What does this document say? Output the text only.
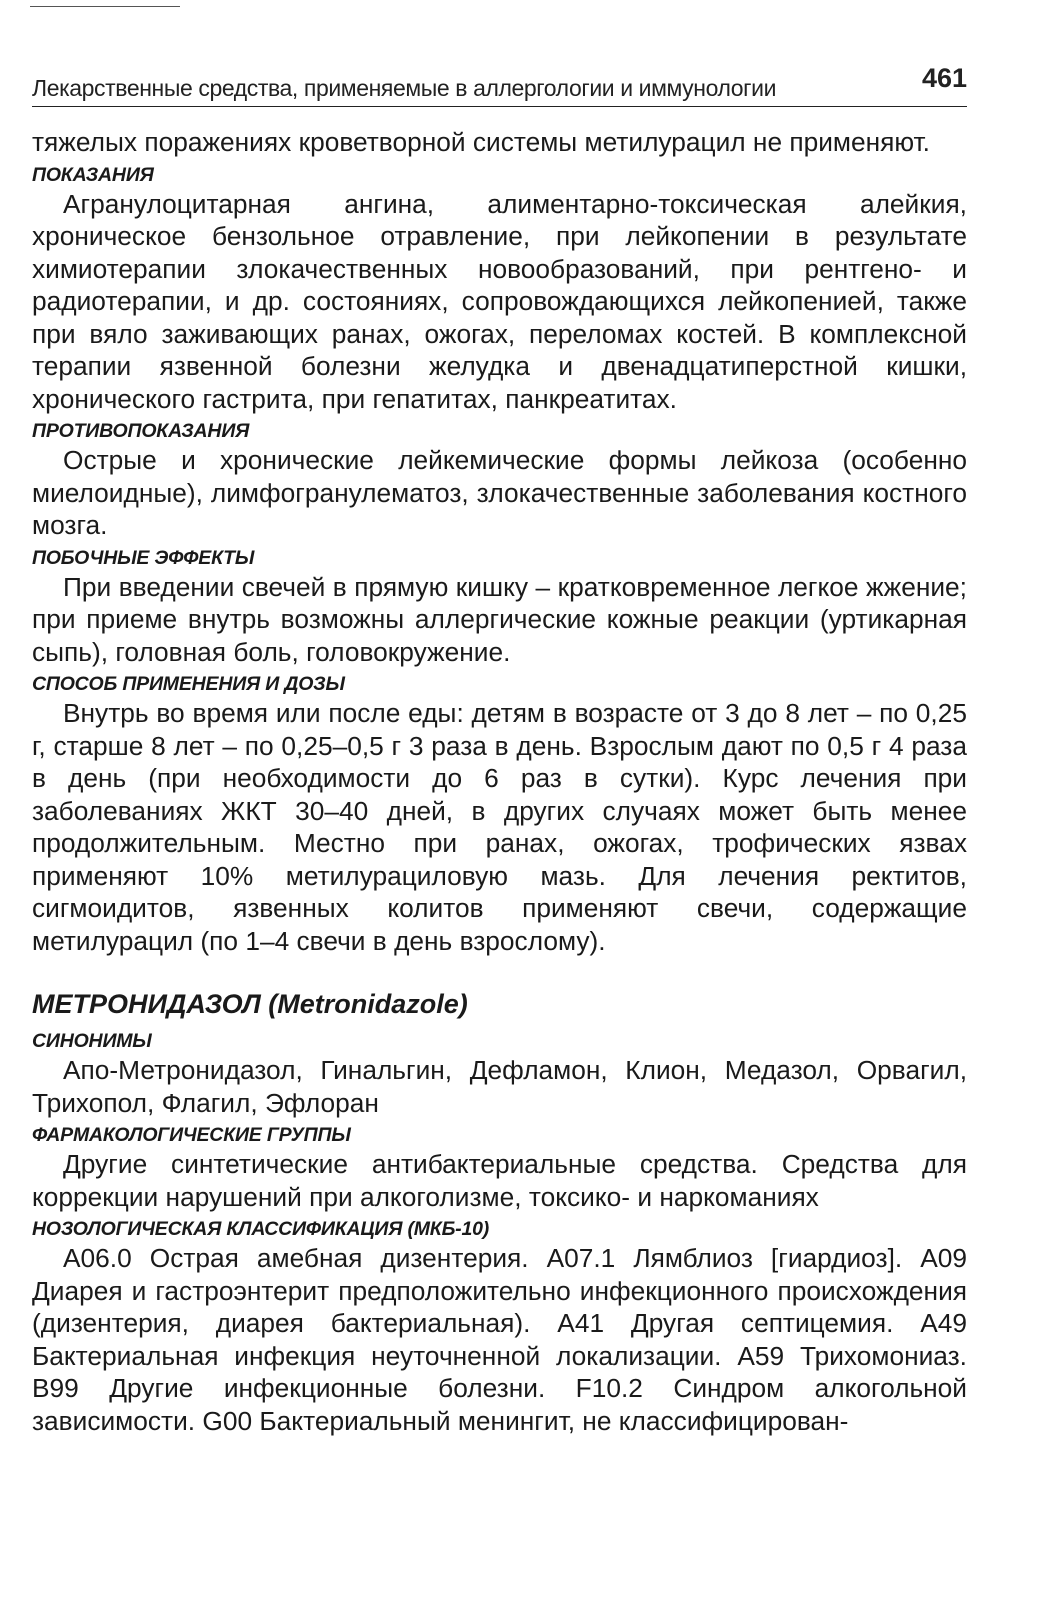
Лекарственные средства, применяемые в аллергологии и иммунологии	461

тяжелых поражениях кроветворной системы метилурацил не применяют.

ПОКАЗАНИЯ

Агранулоцитарная ангина, алиментарно-токсическая алейкия, хроническое бензольное отравление, при лейкопении в результате химиотерапии злокачественных новообразований, при рентгено- и радиотерапии, и др. состояниях, сопровождающихся лейкопенией, также при вяло заживающих ранах, ожогах, переломах костей. В комплексной терапии язвенной болезни желудка и двенадцатиперстной кишки, хронического гастрита, при гепатитах, панкреатитах.

ПРОТИВОПОКАЗАНИЯ

Острые и хронические лейкемические формы лейкоза (особенно миелоидные), лимфогранулематоз, злокачественные заболевания костного мозга.

ПОБОЧНЫЕ ЭФФЕКТЫ

При введении свечей в прямую кишку – кратковременное легкое жжение; при приеме внутрь возможны аллергические кожные реакции (уртикарная сыпь), головная боль, головокружение.

СПОСОБ ПРИМЕНЕНИЯ И ДОЗЫ

Внутрь во время или после еды: детям в возрасте от 3 до 8 лет – по 0,25 г, старше 8 лет – по 0,25–0,5 г 3 раза в день. Взрослым дают по 0,5 г 4 раза в день (при необходимости до 6 раз в сутки). Курс лечения при заболеваниях ЖКТ 30–40 дней, в других случаях может быть менее продолжительным. Местно при ранах, ожогах, трофических язвах применяют 10% метилурациловую мазь. Для лечения ректитов, сигмоидитов, язвенных колитов применяют свечи, содержащие метилурацил (по 1–4 свечи в день взрослому).

МЕТРОНИДАЗОЛ (Metronidazole)
СИНОНИМЫ

Апо-Метронидазол, Гинальгин, Дефламон, Клион, Медазол, Орвагил, Трихопол, Флагил, Эфлоран

ФАРМАКОЛОГИЧЕСКИЕ ГРУППЫ

Другие синтетические антибактериальные средства. Средства для коррекции нарушений при алкоголизме, токсико- и наркоманиях

НОЗОЛОГИЧЕСКАЯ КЛАССИФИКАЦИЯ (МКБ-10)

А06.0 Острая амебная дизентерия. А07.1 Лямблиоз [гиардиоз]. А09 Диарея и гастроэнтерит предположительно инфекционного происхождения (дизентерия, диарея бактериальная). А41 Другая септицемия. А49 Бактериальная инфекция неуточненной локализации. А59 Трихомониаз. В99 Другие инфекционные болезни. F10.2 Синдром алкогольной зависимости. G00 Бактериальный менингит, не классифицирован-
